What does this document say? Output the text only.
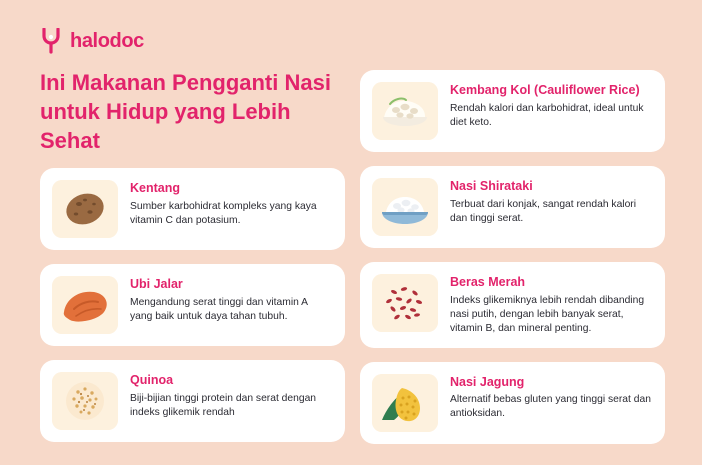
halodoc
Ini Makanan Pengganti Nasi untuk Hidup yang Lebih Sehat
Kentang
Sumber karbohidrat kompleks yang kaya vitamin C dan potasium.
Ubi Jalar
Mengandung serat tinggi dan vitamin A yang baik untuk daya tahan tubuh.
Quinoa
Biji-bijian tinggi protein dan serat dengan indeks glikemik rendah
Kembang Kol (Cauliflower Rice)
Rendah kalori dan karbohidrat, ideal untuk diet keto.
Nasi Shirataki
Terbuat dari konjak, sangat rendah kalori dan tinggi serat.
Beras Merah
Indeks glikemiknya lebih rendah dibanding nasi putih, dengan lebih banyak serat, vitamin B, dan mineral penting.
Nasi Jagung
Alternatif bebas gluten yang tinggi serat dan antioksidan.
